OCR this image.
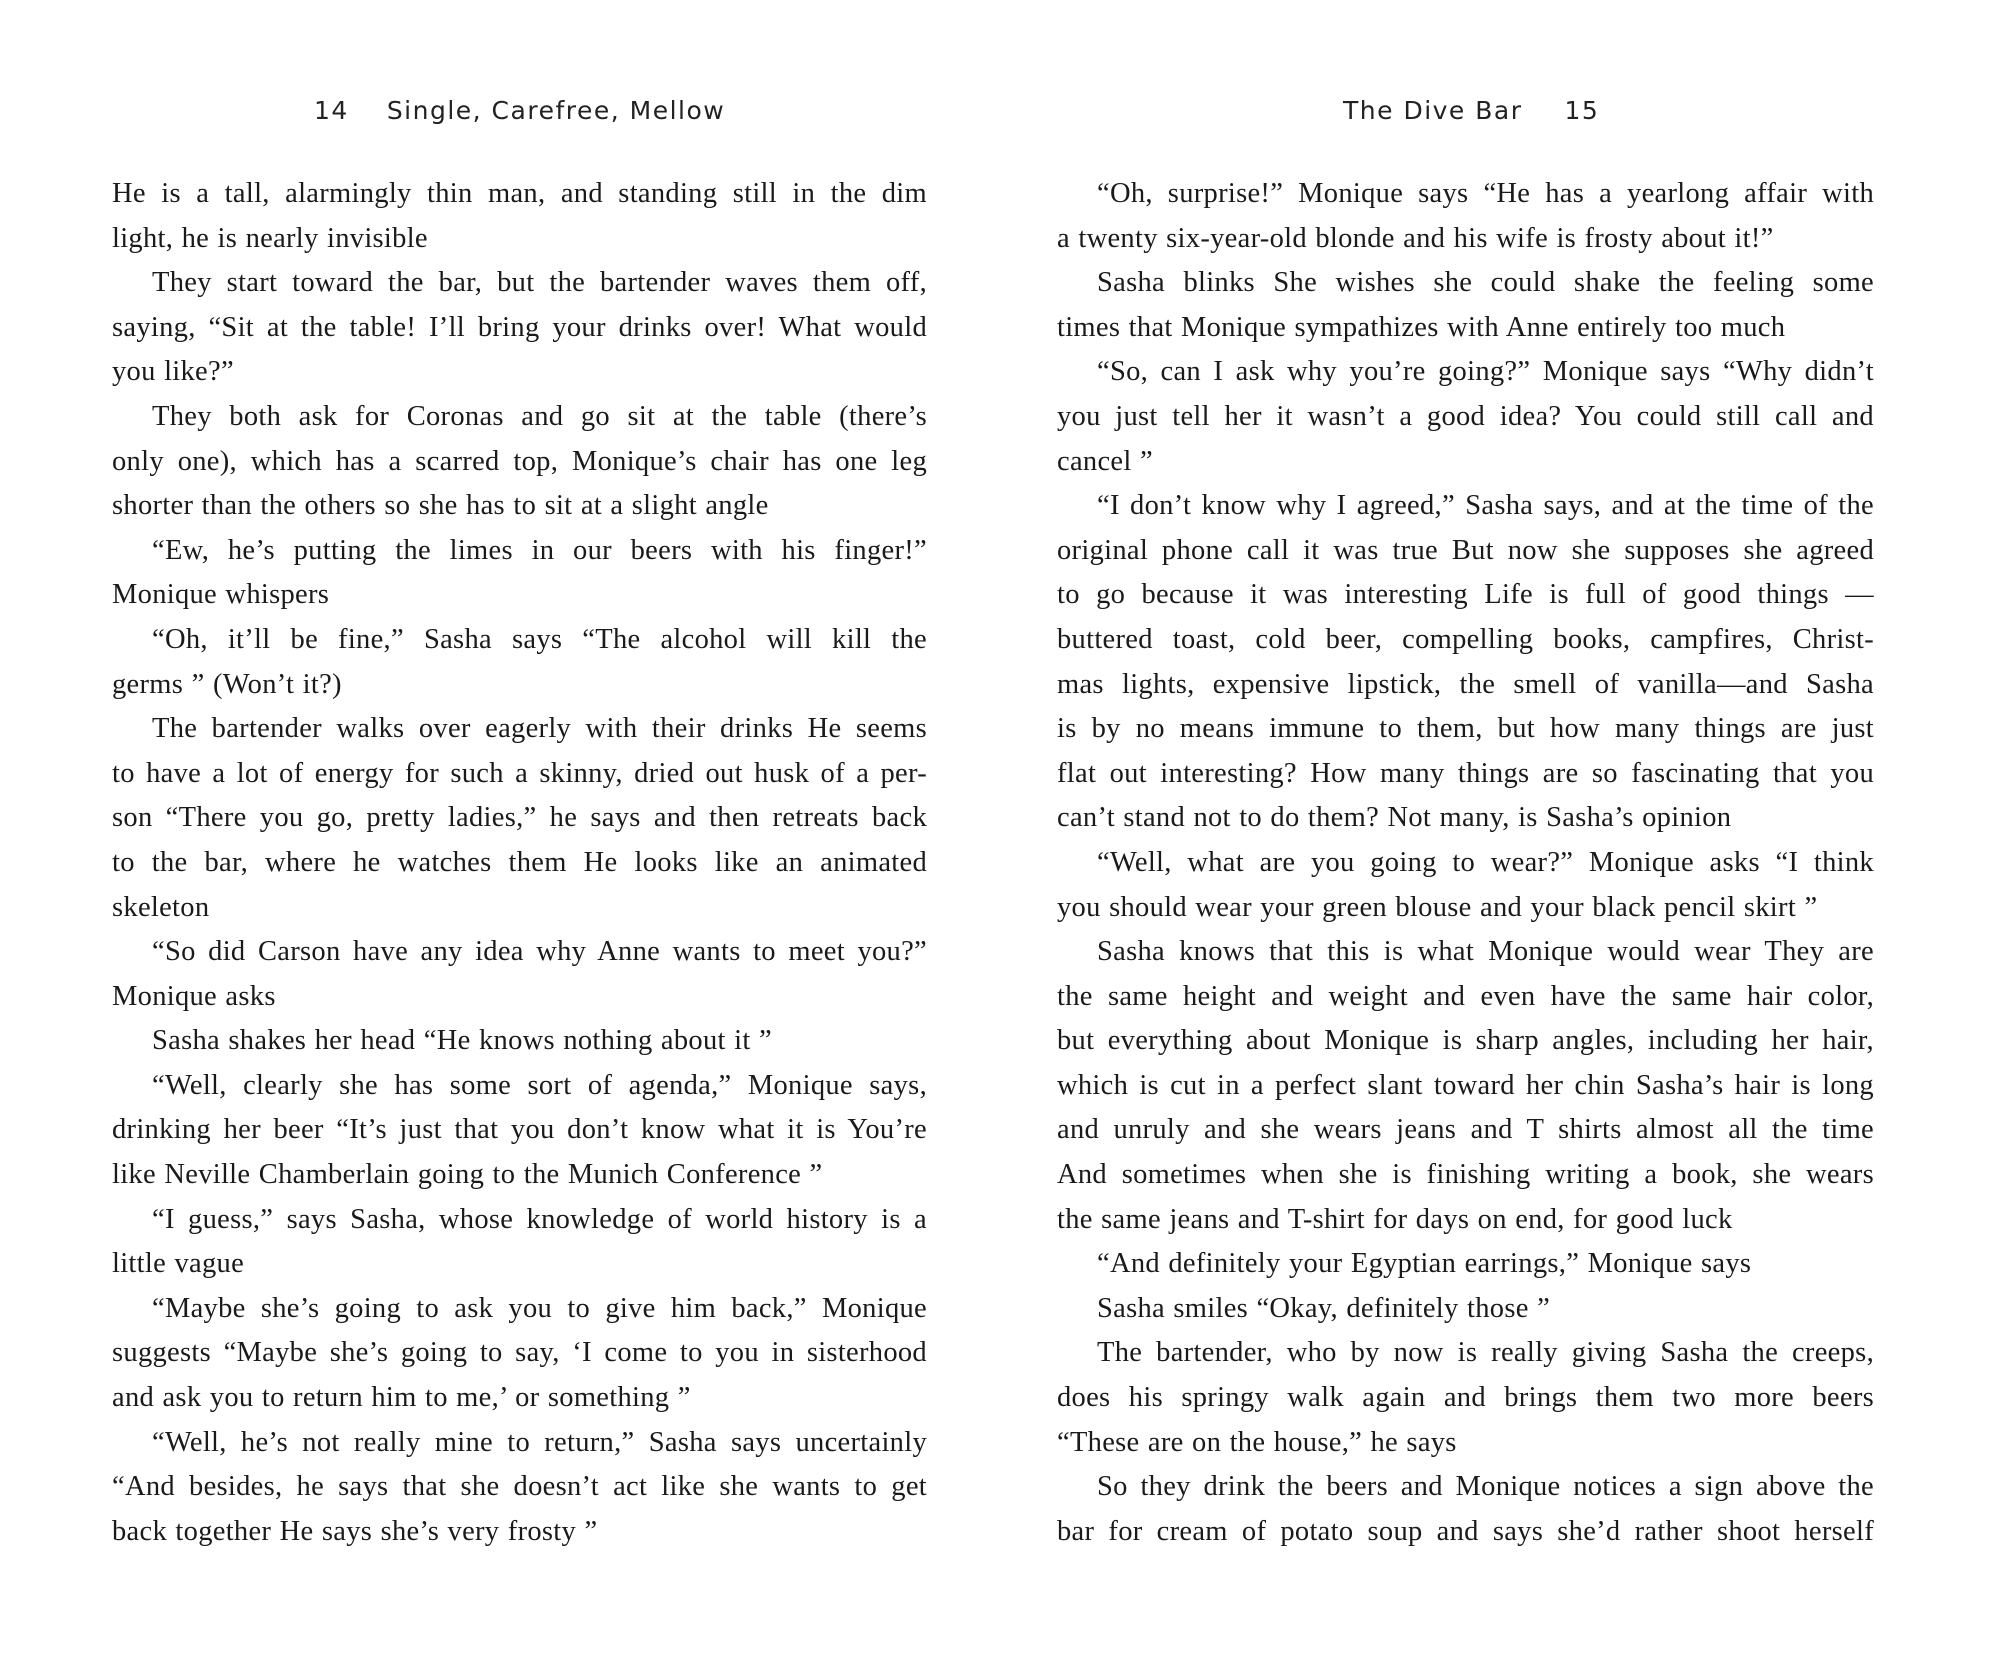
14 Single, Carefree, Mellow
He is a tall, alarmingly thin man, and standing still in the dim
light, he is nearly invisible
They start toward the bar, but the bartender waves them off,
saying, “Sit at the table! I’ll bring your drinks over! What would
you like?”
They both ask for Coronas and go sit at the table (there’s
only one), which has a scarred top, Monique’s chair has one leg
shorter than the others so she has to sit at a slight angle
“Ew, he’s putting the limes in our beers with his finger!”
Monique whispers
“Oh, it’ll be fine,” Sasha says “The alcohol will kill the
germs ” (Won’t it?)
The bartender walks over eagerly with their drinks He seems
to have a lot of energy for such a skinny, dried out husk of a per-
son “There you go, pretty ladies,” he says and then retreats back
to the bar, where he watches them He looks like an animated
skeleton
“So did Carson have any idea why Anne wants to meet you?”
Monique asks
Sasha shakes her head “He knows nothing about it ”
“Well, clearly she has some sort of agenda,” Monique says,
drinking her beer “It’s just that you don’t know what it is You’re
like Neville Chamberlain going to the Munich Conference ”
“I guess,” says Sasha, whose knowledge of world history is a
little vague
“Maybe she’s going to ask you to give him back,” Monique
suggests “Maybe she’s going to say, ‘I come to you in sisterhood
and ask you to return him to me,’ or something ”
“Well, he’s not really mine to return,” Sasha says uncertainly
“And besides, he says that she doesn’t act like she wants to get
back together He says she’s very frosty ”
The Dive Bar 15
“Oh, surprise!” Monique says “He has a yearlong affair with
a twenty six-year-old blonde and his wife is frosty about it!”
Sasha blinks She wishes she could shake the feeling some
times that Monique sympathizes with Anne entirely too much
“So, can I ask why you’re going?” Monique says “Why didn’t
you just tell her it wasn’t a good idea? You could still call and
cancel ”
“I don’t know why I agreed,” Sasha says, and at the time of the
original phone call it was true But now she supposes she agreed
to go because it was interesting Life is full of good things —
buttered toast, cold beer, compelling books, campfires, Christ-
mas lights, expensive lipstick, the smell of vanilla—and Sasha
is by no means immune to them, but how many things are just
flat out interesting? How many things are so fascinating that you
can’t stand not to do them? Not many, is Sasha’s opinion
“Well, what are you going to wear?” Monique asks “I think
you should wear your green blouse and your black pencil skirt ”
Sasha knows that this is what Monique would wear They are
the same height and weight and even have the same hair color,
but everything about Monique is sharp angles, including her hair,
which is cut in a perfect slant toward her chin Sasha’s hair is long
and unruly and she wears jeans and T shirts almost all the time
And sometimes when she is finishing writing a book, she wears
the same jeans and T-shirt for days on end, for good luck
“And definitely your Egyptian earrings,” Monique says
Sasha smiles “Okay, definitely those ”
The bartender, who by now is really giving Sasha the creeps,
does his springy walk again and brings them two more beers
“These are on the house,” he says
So they drink the beers and Monique notices a sign above the
bar for cream of potato soup and says she’d rather shoot herself
